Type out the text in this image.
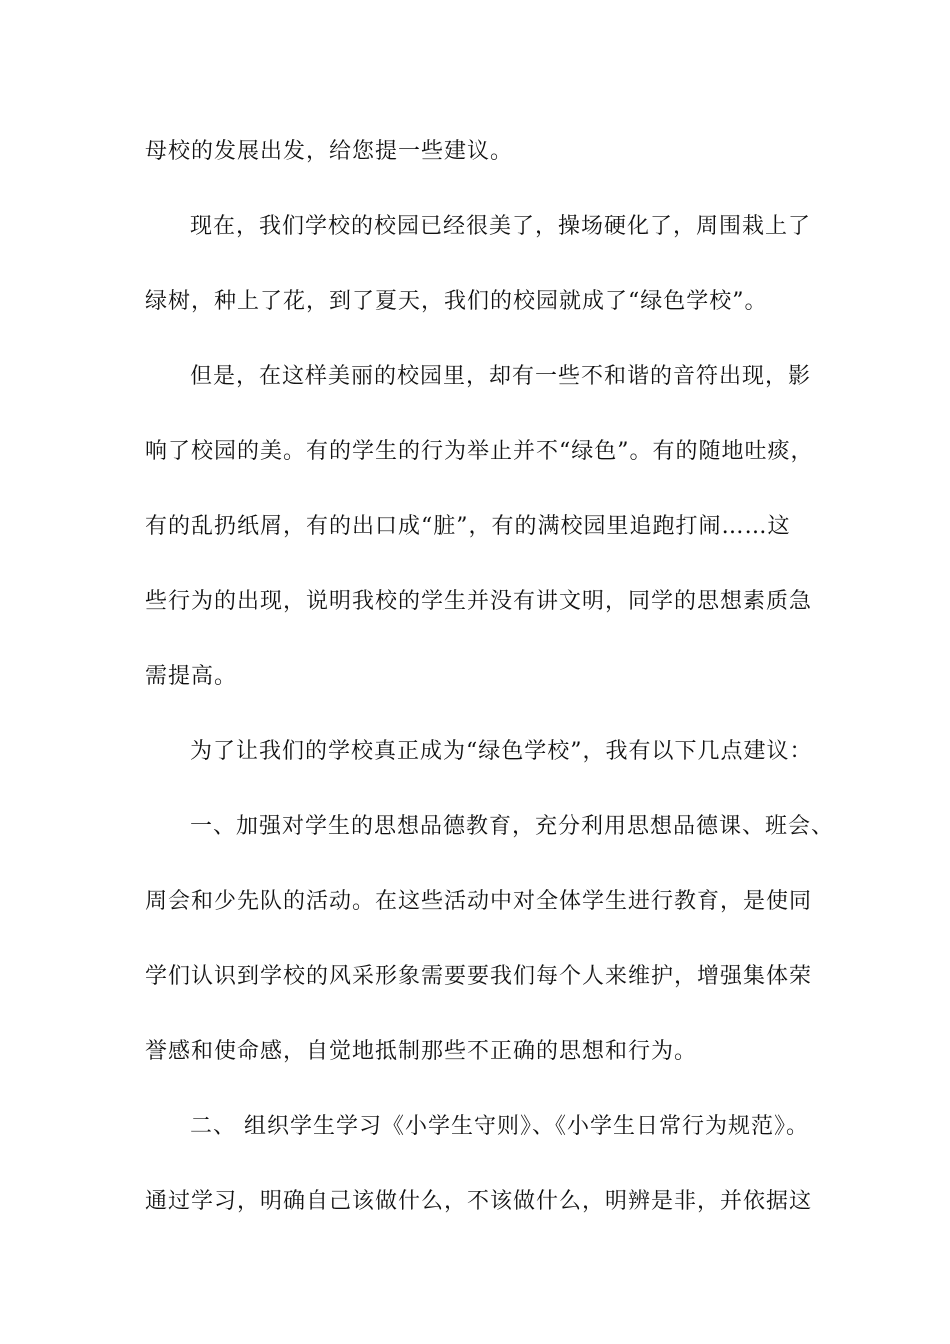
母校的发展出发，给您提一些建议。
现在，我们学校的校园已经很美了，操场硬化了，周围栽上了
绿树，种上了花，到了夏天，我们的校园就成了“绿色学校”。
但是，在这样美丽的校园里，却有一些不和谐的音符出现，影
响了校园的美。有的学生的行为举止并不“绿色”。有的随地吐痰，
有的乱扔纸屑，有的出口成“脏”，有的满校园里追跑打闹……这
些行为的出现，说明我校的学生并没有讲文明，同学的思想素质急
需提高。
为了让我们的学校真正成为“绿色学校”，我有以下几点建议：
一、加强对学生的思想品德教育，充分利用思想品德课、班会、
周会和少先队的活动。在这些活动中对全体学生进行教育，是使同
学们认识到学校的风采形象需要要我们每个人来维护，增强集体荣
誉感和使命感，自觉地抵制那些不正确的思想和行为。
二、 组织学生学习《小学生守则》、《小学生日常行为规范》。
通过学习，明确自己该做什么，不该做什么，明辨是非，并依据这
